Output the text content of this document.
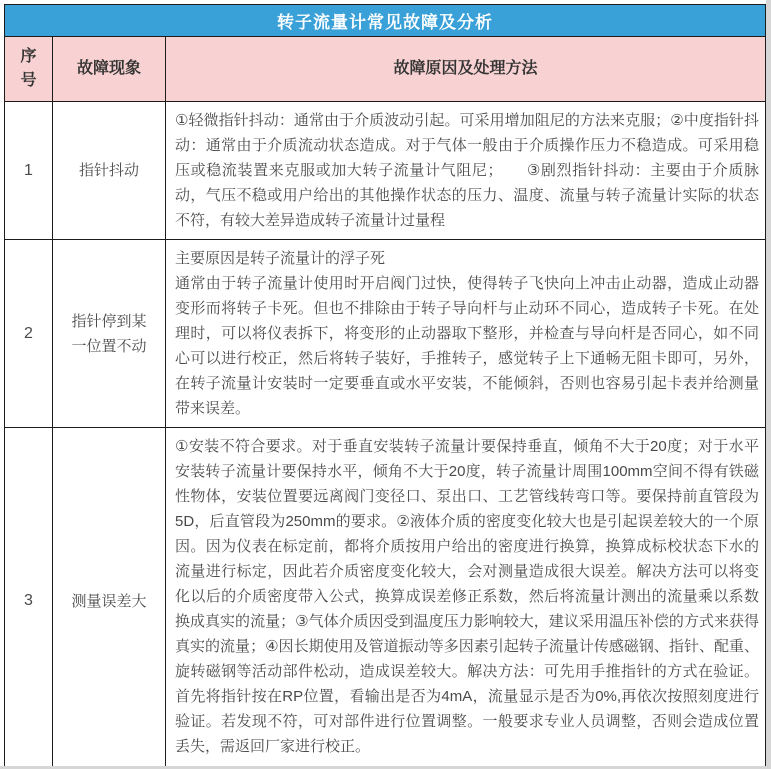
转子流量计常见故障及分析		
序号	故障现象	故障原因及处理方法
1	指针抖动	①轻微指针抖动：通常由于介质波动引起。可采用增加阻尼的方法来克服；②中度指针抖动：通常由于介质流动状态造成。对于气体一般由于介质操作压力不稳造成。可采用稳压或稳流装置来克服或加大转子流量计气阻尼；　　③剧烈指针抖动：主要由于介质脉动，气压不稳或用户给出的其他操作状态的压力、温度、流量与转子流量计实际的状态不符，有较大差异造成转子流量计过量程

2	指针停到某一位置不动	主要原因是转子流量计的浮子死

通常由于转子流量计使用时开启阀门过快，使得转子飞快向上冲击止动器，造成止动器变形而将转子卡死。但也不排除由于转子导向杆与止动环不同心，造成转子卡死。在处理时，可以将仪表拆下，将变形的止动器取下整形，并检查与导向杆是否同心，如不同心可以进行校正，然后将转子装好，手推转子，感觉转子上下通畅无阻卡即可，另外，在转子流量计安装时一定要垂直或水平安装，不能倾斜，否则也容易引起卡表并给测量带来误差。

3	测量误差大	①安装不符合要求。对于垂直安装转子流量计要保持垂直，倾角不大于20度；对于水平安装转子流量计要保持水平，倾角不大于20度，转子流量计周围100mm空间不得有铁磁性物体，安装位置要远离阀门变径口、泵出口、工艺管线转弯口等。要保持前直管段为5D，后直管段为250mm的要求。②液体介质的密度变化较大也是引起误差较大的一个原因。因为仪表在标定前，都将介质按用户给出的密度进行换算，换算成标校状态下水的流量进行标定，因此若介质密度变化较大，会对测量造成很大误差。解决方法可以将变化以后的介质密度带入公式，换算成误差修正系数，然后将流量计测出的流量乘以系数换成真实的流量；③气体介质因受到温度压力影响较大，建议采用温压补偿的方式来获得真实的流量；④因长期使用及管道振动等多因素引起转子流量计传感磁钢、指针、配重、旋转磁钢等活动部件松动，造成误差较大。解决方法：可先用手推指针的方式在验证。首先将指针按在RP位置，看输出是否为4mA，流量显示是否为0%,再依次按照刻度进行验证。若发现不符，可对部件进行位置调整。一般要求专业人员调整，否则会造成位置丢失，需返回厂家进行校正。
